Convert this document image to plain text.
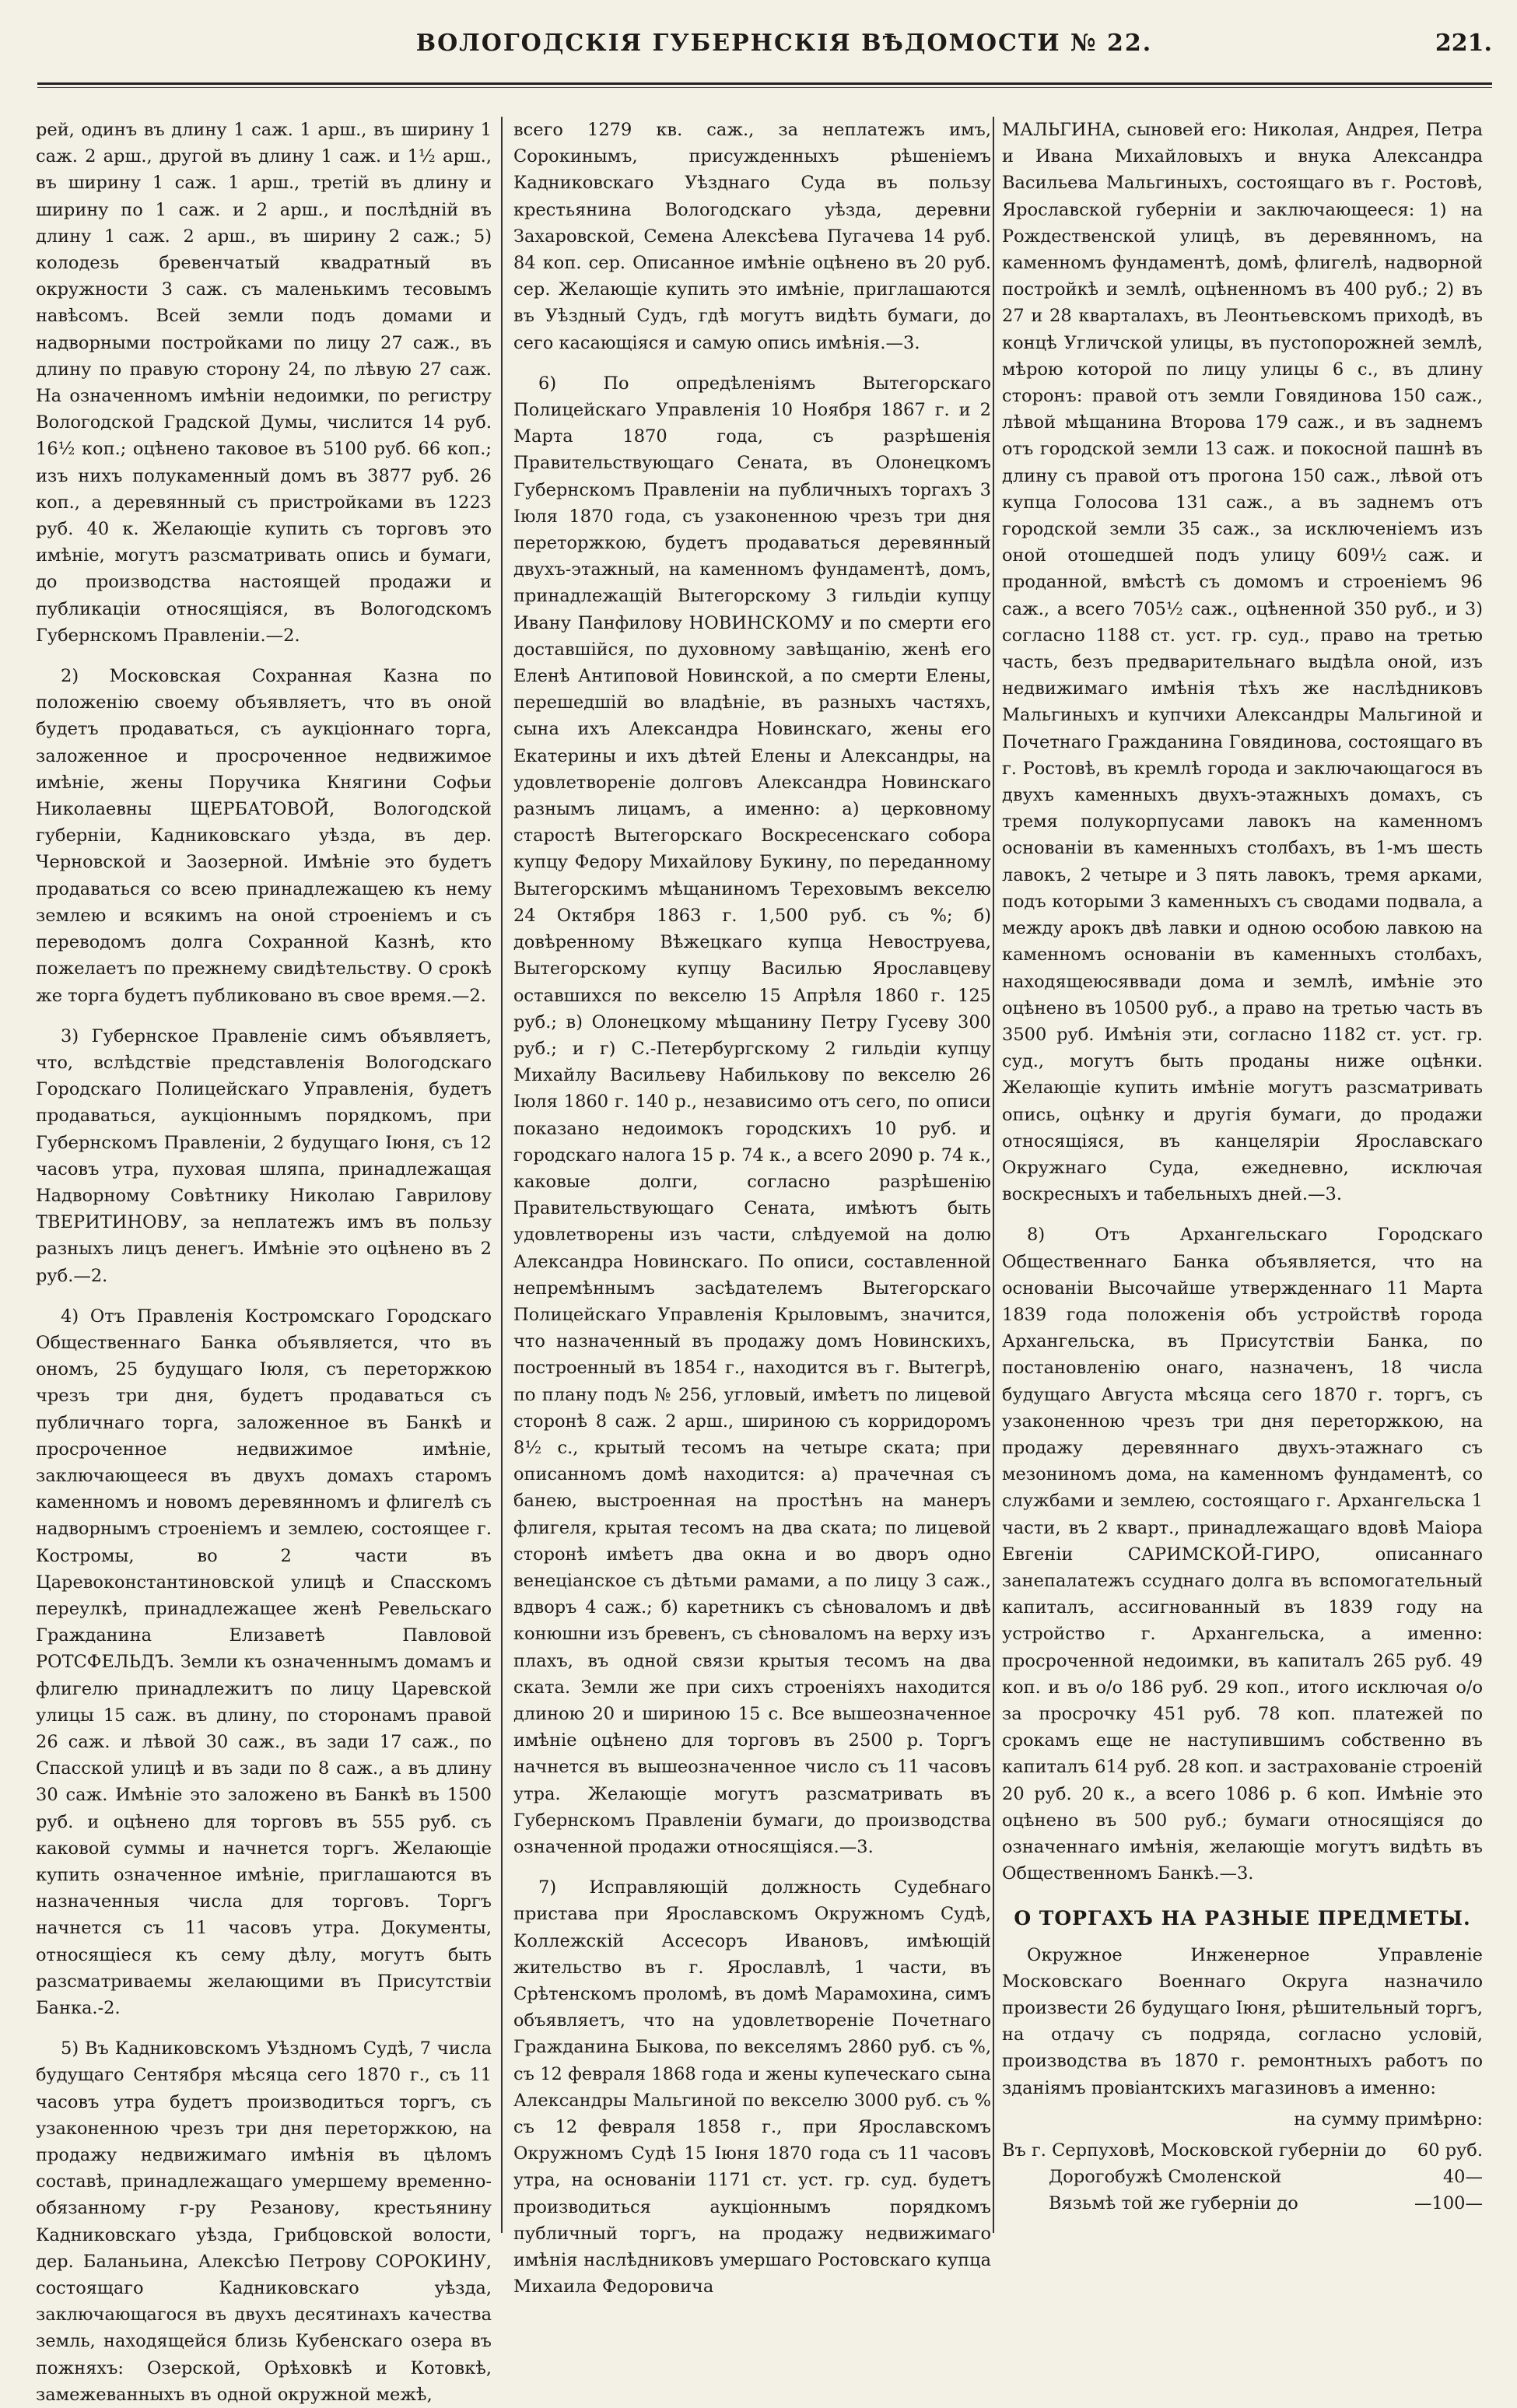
ВОЛОГОДСКІЯ ГУБЕРНСКІЯ ВѢДОМОСТИ № 22.	221.

рей, одинъ въ длину 1 саж. 1 арш., въ ширину 1 саж. 2 арш., другой въ длину 1 саж. и 1½ арш., въ ширину 1 саж. 1 арш., третій въ длину и ширину по 1 саж. и 2 арш., и послѣдній въ длину 1 саж. 2 арш., въ ширину 2 саж.; 5) колодезь бревенчатый квадратный въ окружности 3 саж. съ маленькимъ тесовымъ навѣсомъ. Всей земли подъ домами и надворными постройками по лицу 27 саж., въ длину по правую сторону 24, по лѣвую 27 саж. На означенномъ имѣніи недоимки, по регистру Вологодской Градской Думы, числится 14 руб. 16½ коп.; оцѣнено таковое въ 5100 руб. 66 коп.; изъ нихъ полукаменный домъ въ 3877 руб. 26 коп., а деревянный съ пристройками въ 1223 руб. 40 к. Желающіе купить съ торговъ это имѣніе, могутъ разсматривать опись и бумаги, до производства настоящей продажи и публикаціи относящіяся, въ Вологодскомъ Губернскомъ Правленіи.—2.

2) Московская Сохранная Казна по положенію своему объявляетъ, что въ оной будетъ продаваться, съ аукціоннаго торга, заложенное и просроченное недвижимое имѣніе, жены Поручика Княгини Софьи Николаевны ЩЕРБАТОВОЙ, Вологодской губерніи, Кадниковскаго уѣзда, въ дер. Черновской и Заозерной. Имѣніе это будетъ продаваться со всею принадлежащею къ нему землею и всякимъ на оной строеніемъ и съ переводомъ долга Сохранной Казнѣ, кто пожелаетъ по прежнему свидѣтельству. О срокѣ же торга будетъ публиковано въ свое время.—2.

3) Губернское Правленіе симъ объявляетъ, что, вслѣдствіе представленія Вологодскаго Городскаго Полицейскаго Управленія, будетъ продаваться, аукціоннымъ порядкомъ, при Губернскомъ Правленіи, 2 будущаго Іюня, съ 12 часовъ утра, пуховая шляпа, принадлежащая Надворному Совѣтнику Николаю Гаврилову ТВЕРИТИНОВУ, за неплатежъ имъ въ пользу разныхъ лицъ денегъ. Имѣніе это оцѣнено въ 2 руб.—2.

4) Отъ Правленія Костромскаго Городскаго Общественнаго Банка объявляется, что въ ономъ, 25 будущаго Іюля, съ переторжкою чрезъ три дня, будетъ продаваться съ публичнаго торга, заложенное въ Банкѣ и просроченное недвижимое имѣніе, заключающееся въ двухъ домахъ старомъ каменномъ и новомъ деревянномъ и флигелѣ съ надворнымъ строеніемъ и землею, состоящее г. Костромы, во 2 части въ Царевоконстантиновской улицѣ и Спасскомъ переулкѣ, принадлежащее женѣ Ревельскаго Гражданина Елизаветѣ Павловой РОТСФЕЛЬДЪ. Земли къ означеннымъ домамъ и флигелю принадлежитъ по лицу Царевской улицы 15 саж. въ длину, по сторонамъ правой 26 саж. и лѣвой 30 саж., въ зади 17 саж., по Спасской улицѣ и въ зади по 8 саж., а въ длину 30 саж. Имѣніе это заложено въ Банкѣ въ 1500 руб. и оцѣнено для торговъ въ 555 руб. съ каковой суммы и начнется торгъ. Желающіе купить означенное имѣніе, приглашаются въ назначенныя числа для торговъ. Торгъ начнется съ 11 часовъ утра. Документы, относящіеся къ сему дѣлу, могутъ быть разсматриваемы желающими въ Присутствіи Банка.-2.

5) Въ Кадниковскомъ Уѣздномъ Судѣ, 7 числа будущаго Сентября мѣсяца сего 1870 г., съ 11 часовъ утра будетъ производиться торгъ, съ узаконенною чрезъ три дня переторжкою, на продажу недвижимаго имѣнія въ цѣломъ составѣ, принадлежащаго умершему временно-обязанному г-ру Резанову, крестьянину Кадниковскаго уѣзда, Грибцовской волости, дер. Баланьина, Алексѣю Петрову СОРОКИНУ, состоящаго Кадниковскаго уѣзда, заключающагося въ двухъ десятинахъ качества земль, находящейся близь Кубенскаго озера въ пожняхъ: Озерской, Орѣховкѣ и Котовкѣ, замежеванныхъ въ одной окружной межѣ,

всего 1279 кв. саж., за неплатежъ имъ, Сорокинымъ, присужденныхъ рѣшеніемъ Кадниковскаго Уѣзднаго Суда въ пользу крестьянина Вологодскаго уѣзда, деревни Захаровской, Семена Алексѣева Пугачева 14 руб. 84 коп. сер. Описанное имѣніе оцѣнено въ 20 руб. сер. Желающіе купить это имѣніе, приглашаются въ Уѣздный Судъ, гдѣ могутъ видѣть бумаги, до сего касающіяся и самую опись имѣнія.—3.

6) По опредѣленіямъ Вытегорскаго Полицейскаго Управленія 10 Ноября 1867 г. и 2 Марта 1870 года, съ разрѣшенія Правительствующаго Сената, въ Олонецкомъ Губернскомъ Правленіи на публичныхъ торгахъ 3 Іюля 1870 года, съ узаконенною чрезъ три дня переторжкою, будетъ продаваться деревянный двухъ-этажный, на каменномъ фундаментѣ, домъ, принадлежащій Вытегорскому 3 гильдіи купцу Ивану Панфилову НОВИНСКОМУ и по смерти его доставшійся, по духовному завѣщанію, женѣ его Еленѣ Антиповой Новинской, а по смерти Елены, перешедшій во владѣніе, въ разныхъ частяхъ, сына ихъ Александра Новинскаго, жены его Екатерины и ихъ дѣтей Елены и Александры, на удовлетвореніе долговъ Александра Новинскаго разнымъ лицамъ, а именно: а) церковному старостѣ Вытегорскаго Воскресенскаго собора купцу Федору Михайлову Букину, по переданному Вытегорскимъ мѣщаниномъ Тереховымъ векселю 24 Октября 1863 г. 1,500 руб. съ %; б) довѣренному Вѣжецкаго купца Невоструева, Вытегорскому купцу Василью Ярославцеву оставшихся по векселю 15 Апрѣля 1860 г. 125 руб.; в) Олонецкому мѣщанину Петру Гусеву 300 руб.; и г) С.-Петербургскому 2 гильдіи купцу Михайлу Васильеву Набилькову по векселю 26 Іюля 1860 г. 140 р., независимо отъ сего, по описи показано недоимокъ городскихъ 10 руб. и городскаго налога 15 р. 74 к., а всего 2090 р. 74 к., каковые долги, согласно разрѣшенію Правительствующаго Сената, имѣютъ быть удовлетворены изъ части, слѣдуемой на долю Александра Новинскаго. По описи, составленной непремѣннымъ засѣдателемъ Вытегорскаго Полицейскаго Управленія Крыловымъ, значится, что назначенный въ продажу домъ Новинскихъ, построенный въ 1854 г., находится въ г. Вытегрѣ, по плану подъ № 256, угловый, имѣетъ по лицевой сторонѣ 8 саж. 2 арш., шириною съ корридоромъ 8½ с., крытый тесомъ на четыре ската; при описанномъ домѣ находится: а) прачечная съ банею, выстроенная на простѣнъ на манеръ флигеля, крытая тесомъ на два ската; по лицевой сторонѣ имѣетъ два окна и во дворъ одно венеціанское съ дѣтьми рамами, а по лицу 3 саж., вдворъ 4 саж.; б) каретникъ съ сѣноваломъ и двѣ конюшни изъ бревенъ, съ сѣноваломъ на верху изъ плахъ, въ одной связи крытыя тесомъ на два ската. Земли же при сихъ строеніяхъ находится длиною 20 и шириною 15 с. Все вышеозначенное имѣніе оцѣнено для торговъ въ 2500 р. Торгъ начнется въ вышеозначенное число съ 11 часовъ утра. Желающіе могутъ разсматривать въ Губернскомъ Правленіи бумаги, до производства означенной продажи относящіяся.—3.

7) Исправляющій должность Судебнаго пристава при Ярославскомъ Окружномъ Судѣ, Коллежскій Ассесоръ Ивановъ, имѣющій жительство въ г. Ярославлѣ, 1 части, въ Срѣтенскомъ проломѣ, въ домѣ Марамохина, симъ объявляетъ, что на удовлетвореніе Почетнаго Гражданина Быкова, по векселямъ 2860 руб. съ %, съ 12 февраля 1868 года и жены купеческаго сына Александры Мальгиной по векселю 3000 руб. съ % съ 12 февраля 1858 г., при Ярославскомъ Окружномъ Судѣ 15 Іюня 1870 года съ 11 часовъ утра, на основаніи 1171 ст. уст. гр. суд. будетъ производиться аукціоннымъ порядкомъ публичный торгъ, на продажу недвижимаго имѣнія наслѣдниковъ умершаго Ростовскаго купца Михаила Федоровича

МАЛЬГИНА, сыновей его: Николая, Андрея, Петра и Ивана Михайловыхъ и внука Александра Васильева Мальгиныхъ, состоящаго въ г. Ростовѣ, Ярославской губерніи и заключающееся: 1) на Рождественской улицѣ, въ деревянномъ, на каменномъ фундаментѣ, домѣ, флигелѣ, надворной постройкѣ и землѣ, оцѣненномъ въ 400 руб.; 2) въ 27 и 28 кварталахъ, въ Леонтьевскомъ приходѣ, въ концѣ Угличской улицы, въ пустопорожней землѣ, мѣрою которой по лицу улицы 6 с., въ длину сторонъ: правой отъ земли Говядинова 150 саж., лѣвой мѣщанина Второва 179 саж., и въ заднемъ отъ городской земли 13 саж. и покосной пашнѣ въ длину съ правой отъ прогона 150 саж., лѣвой отъ купца Голосова 131 саж., а въ заднемъ отъ городской земли 35 саж., за исключеніемъ изъ оной отошедшей подъ улицу 609½ саж. и проданной, вмѣстѣ съ домомъ и строеніемъ 96 саж., а всего 705½ саж., оцѣненной 350 руб., и 3) согласно 1188 ст. уст. гр. суд., право на третью часть, безъ предварительнаго выдѣла оной, изъ недвижимаго имѣнія тѣхъ же наслѣдниковъ Мальгиныхъ и купчихи Александры Мальгиной и Почетнаго Гражданина Говядинова, состоящаго въ г. Ростовѣ, въ кремлѣ города и заключающагося въ двухъ каменныхъ двухъ-этажныхъ домахъ, съ тремя полукорпусами лавокъ на каменномъ основаніи въ каменныхъ столбахъ, въ 1-мъ шесть лавокъ, 2 четыре и 3 пять лавокъ, тремя арками, подъ которыми 3 каменныхъ съ сводами подвала, а между арокъ двѣ лавки и одною особою лавкою на каменномъ основаніи въ каменныхъ столбахъ, находящеюсяввади дома и землѣ, имѣніе это оцѣнено въ 10500 руб., а право на третью часть въ 3500 руб. Имѣнія эти, согласно 1182 ст. уст. гр. суд., могутъ быть проданы ниже оцѣнки. Желающіе купить имѣніе могутъ разсматривать опись, оцѣнку и другія бумаги, до продажи относящіяся, въ канцеляріи Ярославскаго Окружнаго Суда, ежедневно, исключая воскресныхъ и табельныхъ дней.—3.

8) Отъ Архангельскаго Городскаго Общественнаго Банка объявляется, что на основаніи Высочайше утвержденнаго 11 Марта 1839 года положенія объ устройствѣ города Архангельска, въ Присутствіи Банка, по постановленію онаго, назначенъ, 18 числа будущаго Августа мѣсяца сего 1870 г. торгъ, съ узаконенною чрезъ три дня переторжкою, на продажу деревяннаго двухъ-этажнаго съ мезониномъ дома, на каменномъ фундаментѣ, со службами и землею, состоящаго г. Архангельска 1 части, въ 2 кварт., принадлежащаго вдовѣ Маіора Евгеніи САРИМСКОЙ-ГИРО, описаннаго занепалатежъ ссуднаго долга въ вспомогательный капиталъ, ассигнованный въ 1839 году на устройство г. Архангельска, а именно: просроченной недоимки, въ капиталъ 265 руб. 49 коп. и въ о/о 186 руб. 29 коп., итого исключая о/о за просрочку 451 руб. 78 коп. платежей по срокамъ еще не наступившимъ собственно въ капиталъ 614 руб. 28 коп. и застрахованіе строеній 20 руб. 20 к., а всего 1086 р. 6 коп. Имѣніе это оцѣнено въ 500 руб.; бумаги относящіяся до означеннаго имѣнія, желающіе могутъ видѣть въ Общественномъ Банкѣ.—3.

О ТОРГАХЪ НА РАЗНЫЕ ПРЕДМЕТЫ.

Окружное Инженерное Управленіе Московскаго Военнаго Округа назначило произвести 26 будущаго Іюня, рѣшительный торгъ, на отдачу съ подряда, согласно условій, производства въ 1870 г. ремонтныхъ работъ по зданіямъ провіантскихъ магазиновъ а именно:

на сумму примѣрно:

Въ г. Серпуховѣ, Московской губерніи до 60 руб.
Дорогобужѣ Смоленской	40—
Вязьмѣ той же губерніи до	—100—
